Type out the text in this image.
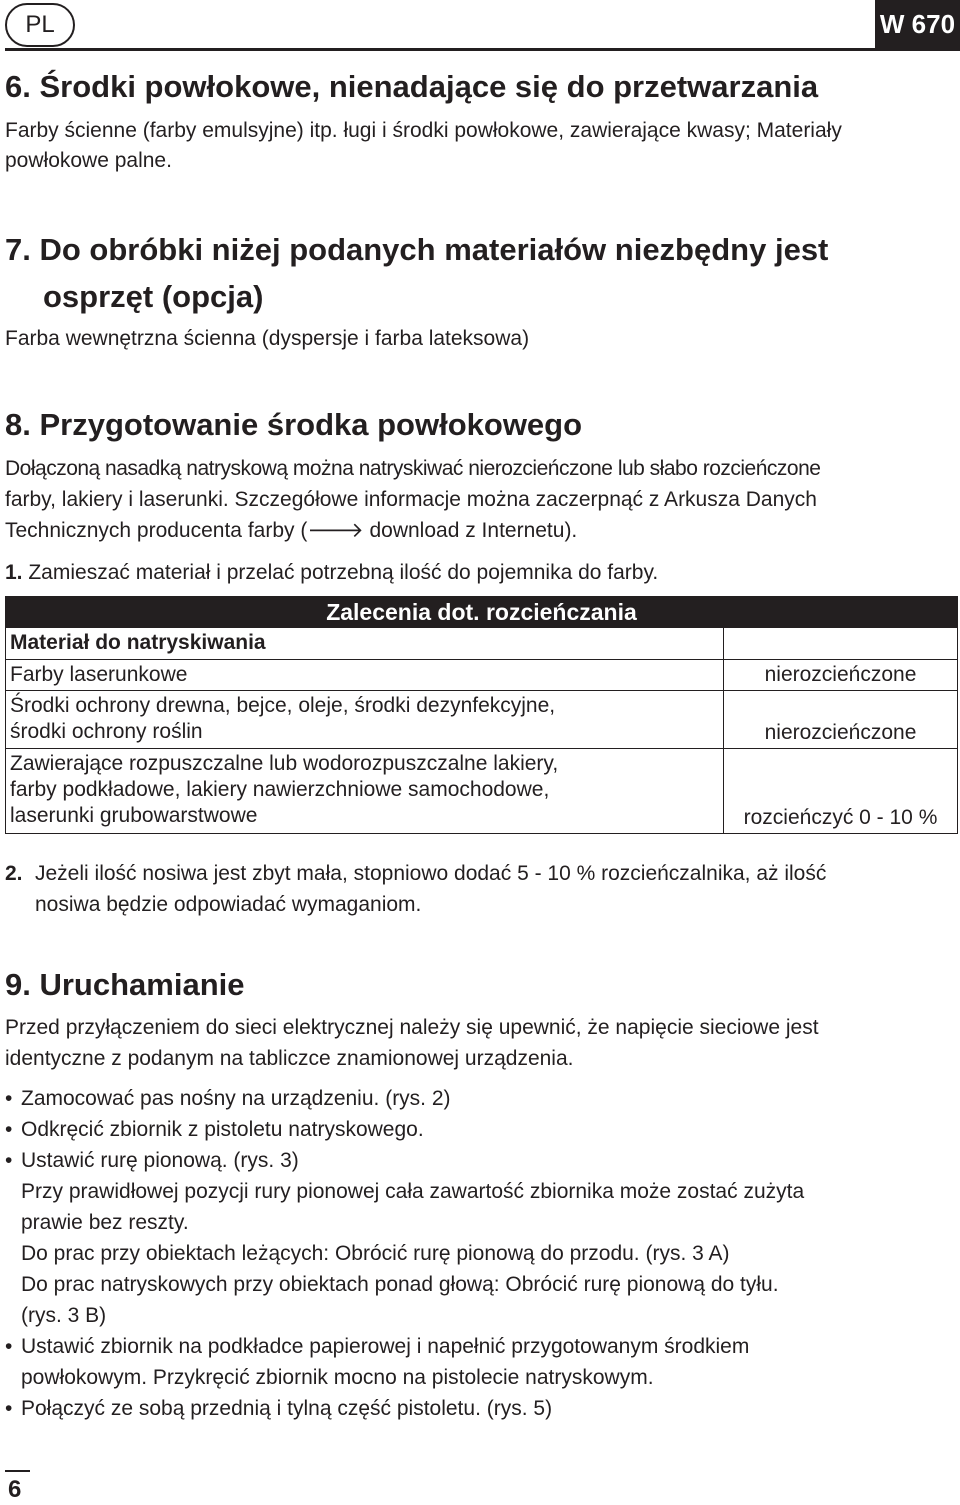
PL	W 670
6. Środki powłokowe, nienadające się do przetwarzania
Farby ścienne (farby emulsyjne) itp. ługi i środki powłokowe, zawierające kwasy; Materiały
powłokowe palne.
7. Do obróbki niżej podanych materiałów niezbędny jest
osprzęt (opcja)
Farba wewnętrzna ścienna (dyspersje i farba lateksowa)
8. Przygotowanie środka powłokowego
Dołączoną nasadką natryskową można natryskiwać nierozcieńczone lub słabo rozcieńczone
farby, lakiery i laserunki. Szczegółowe informacje można zaczerpnąć z Arkusza Danych
Technicznych producenta farby (🡒 download z Internetu).
1. Zamieszać materiał i przelać potrzebną ilość do pojemnika do farby.
Zalecenia dot. rozcieńczania
Materiał do natryskiwania
Farby laserunkowe	nierozcieńczone
Środki ochrony drewna, bejce, oleje, środki dezynfekcyjne,
środki ochrony roślin	nierozcieńczone
Zawierające rozpuszczalne lub wodorozpuszczalne lakiery,
farby podkładowe, lakiery nawierzchniowe samochodowe,
laserunki grubowarstwowe	rozcieńczyć 0 - 10 %
2. Jeżeli ilość nosiwa jest zbyt mała, stopniowo dodać 5 - 10 % rozcieńczalnika, aż ilość
nosiwa będzie odpowiadać wymaganiom.
9. Uruchamianie
Przed przyłączeniem do sieci elektrycznej należy się upewnić, że napięcie sieciowe jest
identyczne z podanym na tabliczce znamionowej urządzenia.
• Zamocować pas nośny na urządzeniu. (rys. 2)
• Odkręcić zbiornik z pistoletu natryskowego.
• Ustawić rurę pionową. (rys. 3)
Przy prawidłowej pozycji rury pionowej cała zawartość zbiornika może zostać zużyta
prawie bez reszty.
Do prac przy obiektach leżących: Obrócić rurę pionową do przodu. (rys. 3 A)
Do prac natryskowych przy obiektach ponad głową: Obrócić rurę pionową do tyłu.
(rys. 3 B)
• Ustawić zbiornik na podkładce papierowej i napełnić przygotowanym środkiem
powłokowym. Przykręcić zbiornik mocno na pistolecie natryskowym.
• Połączyć ze sobą przednią i tylną część pistoletu. (rys. 5)
6
